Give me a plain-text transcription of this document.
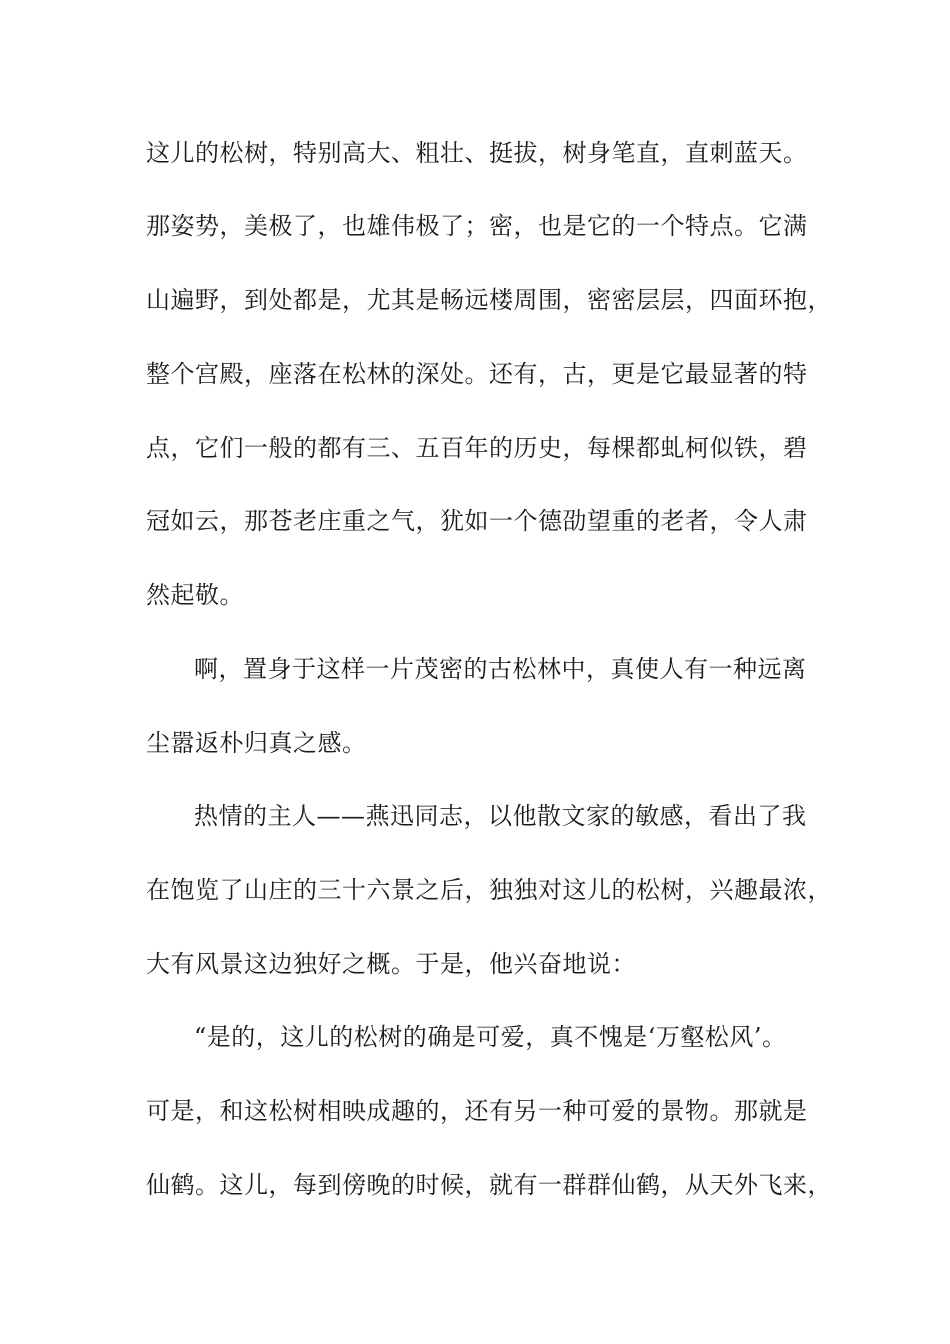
这儿的松树，特别高大、粗壮、挺拔，树身笔直，直刺蓝天。
那姿势，美极了，也雄伟极了；密，也是它的一个特点。它满
山遍野，到处都是，尤其是畅远楼周围，密密层层，四面环抱，
整个宫殿，座落在松林的深处。还有，古，更是它最显著的特
点，它们一般的都有三、五百年的历史，每棵都虬柯似铁，碧
冠如云，那苍老庄重之气，犹如一个德劭望重的老者，令人肃
然起敬。
啊，置身于这样一片茂密的古松林中，真使人有一种远离
尘嚣返朴归真之感。
热情的主人——燕迅同志，以他散文家的敏感，看出了我
在饱览了山庄的三十六景之后，独独对这儿的松树，兴趣最浓，
大有风景这边独好之概。于是，他兴奋地说：
“是的，这儿的松树的确是可爱，真不愧是‘万壑松风’。
可是，和这松树相映成趣的，还有另一种可爱的景物。那就是
仙鹤。这儿，每到傍晚的时候，就有一群群仙鹤，从天外飞来，
